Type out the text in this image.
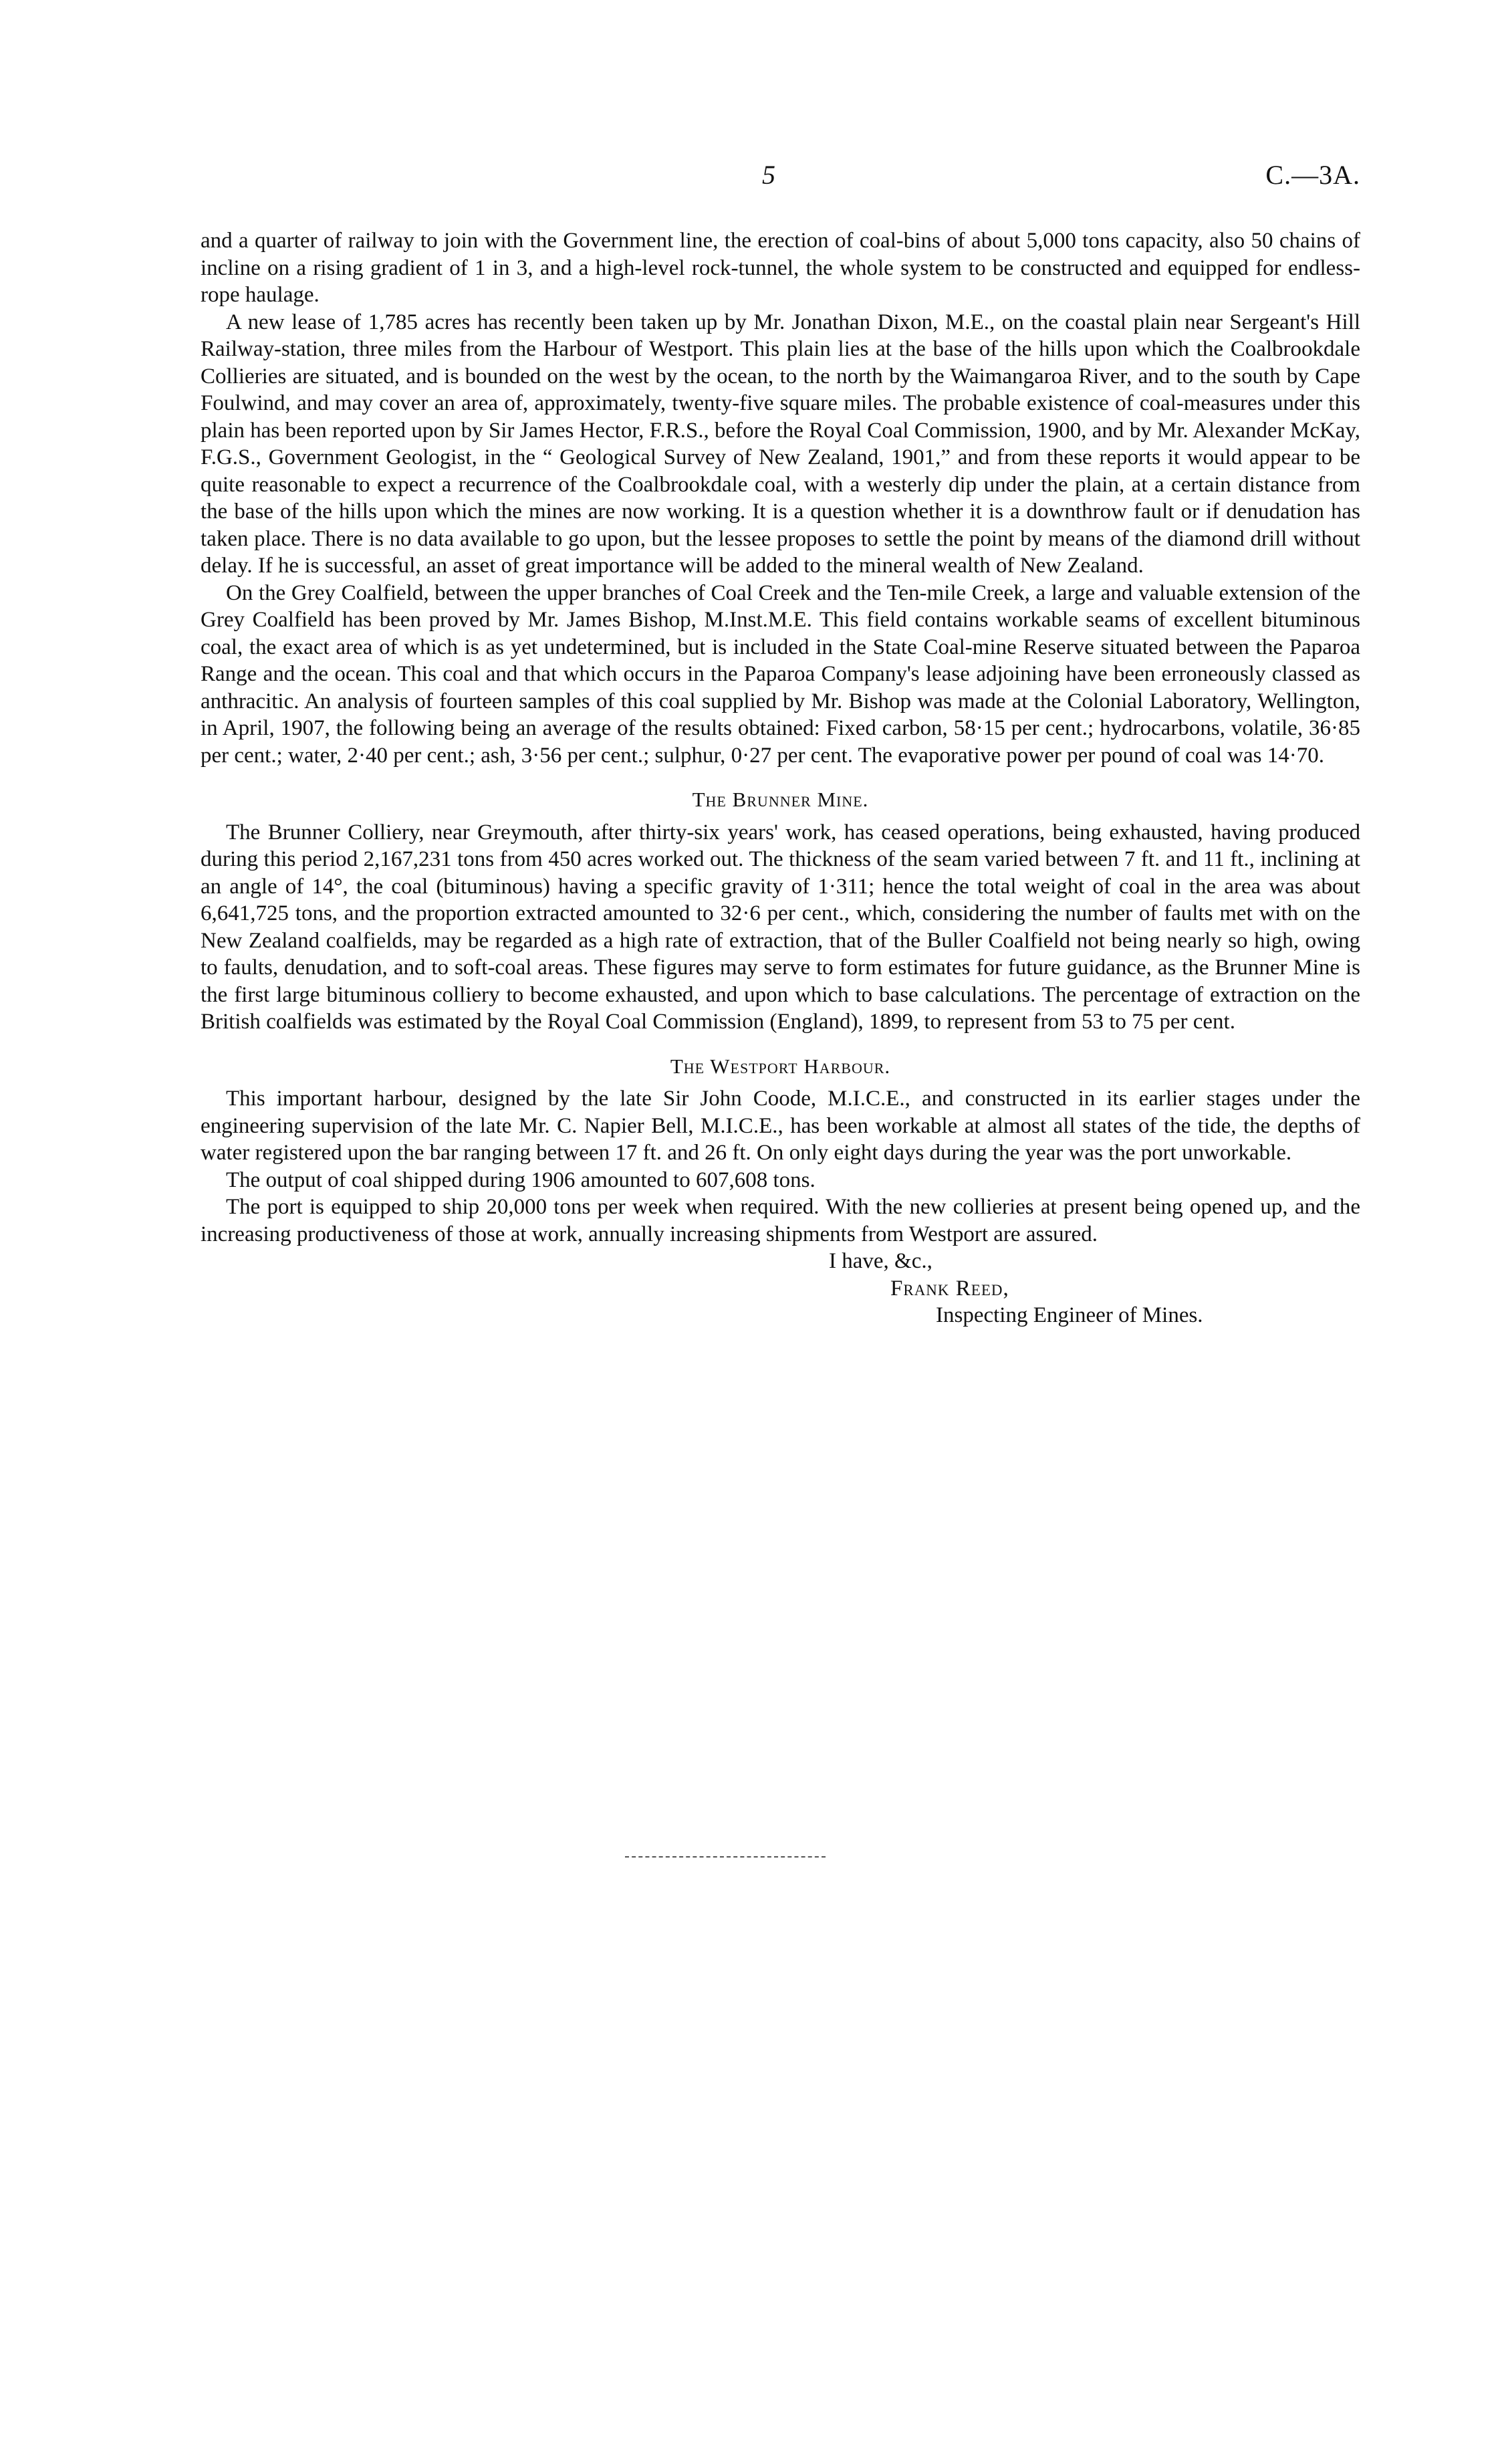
5	C.—3A.

and a quarter of railway to join with the Government line, the erection of coal-bins of about 5,000 tons capacity, also 50 chains of incline on a rising gradient of 1 in 3, and a high-level rock-tunnel, the whole system to be constructed and equipped for endless-rope haulage.

A new lease of 1,785 acres has recently been taken up by Mr. Jonathan Dixon, M.E., on the coastal plain near Sergeant's Hill Railway-station, three miles from the Harbour of Westport. This plain lies at the base of the hills upon which the Coalbrookdale Collieries are situated, and is bounded on the west by the ocean, to the north by the Waimangaroa River, and to the south by Cape Foulwind, and may cover an area of, approximately, twenty-five square miles. The probable existence of coal-measures under this plain has been reported upon by Sir James Hector, F.R.S., before the Royal Coal Commission, 1900, and by Mr. Alexander McKay, F.G.S., Government Geologist, in the “ Geological Survey of New Zealand, 1901,” and from these reports it would appear to be quite reasonable to expect a recurrence of the Coalbrookdale coal, with a westerly dip under the plain, at a certain distance from the base of the hills upon which the mines are now working. It is a question whether it is a downthrow fault or if denudation has taken place. There is no data available to go upon, but the lessee proposes to settle the point by means of the diamond drill without delay. If he is successful, an asset of great importance will be added to the mineral wealth of New Zealand.

On the Grey Coalfield, between the upper branches of Coal Creek and the Ten-mile Creek, a large and valuable extension of the Grey Coalfield has been proved by Mr. James Bishop, M.Inst.M.E. This field contains workable seams of excellent bituminous coal, the exact area of which is as yet undetermined, but is included in the State Coal-mine Reserve situated between the Paparoa Range and the ocean. This coal and that which occurs in the Paparoa Company's lease adjoining have been erroneously classed as anthracitic. An analysis of fourteen samples of this coal supplied by Mr. Bishop was made at the Colonial Laboratory, Wellington, in April, 1907, the following being an average of the results obtained: Fixed carbon, 58·15 per cent.; hydrocarbons, volatile, 36·85 per cent.; water, 2·40 per cent.; ash, 3·56 per cent.; sulphur, 0·27 per cent. The evaporative power per pound of coal was 14·70.

The Brunner Mine.

The Brunner Colliery, near Greymouth, after thirty-six years' work, has ceased operations, being exhausted, having produced during this period 2,167,231 tons from 450 acres worked out. The thickness of the seam varied between 7 ft. and 11 ft., inclining at an angle of 14°, the coal (bituminous) having a specific gravity of 1·311; hence the total weight of coal in the area was about 6,641,725 tons, and the proportion extracted amounted to 32·6 per cent., which, considering the number of faults met with on the New Zealand coalfields, may be regarded as a high rate of extraction, that of the Buller Coalfield not being nearly so high, owing to faults, denudation, and to soft-coal areas. These figures may serve to form estimates for future guidance, as the Brunner Mine is the first large bituminous colliery to become exhausted, and upon which to base calculations. The percentage of extraction on the British coalfields was estimated by the Royal Coal Commission (England), 1899, to represent from 53 to 75 per cent.

The Westport Harbour.

This important harbour, designed by the late Sir John Coode, M.I.C.E., and constructed in its earlier stages under the engineering supervision of the late Mr. C. Napier Bell, M.I.C.E., has been workable at almost all states of the tide, the depths of water registered upon the bar ranging between 17 ft. and 26 ft. On only eight days during the year was the port unworkable.

The output of coal shipped during 1906 amounted to 607,608 tons.

The port is equipped to ship 20,000 tons per week when required. With the new collieries at present being opened up, and the increasing productiveness of those at work, annually increasing shipments from Westport are assured.

I have, &c.,
Frank Reed,
Inspecting Engineer of Mines.
